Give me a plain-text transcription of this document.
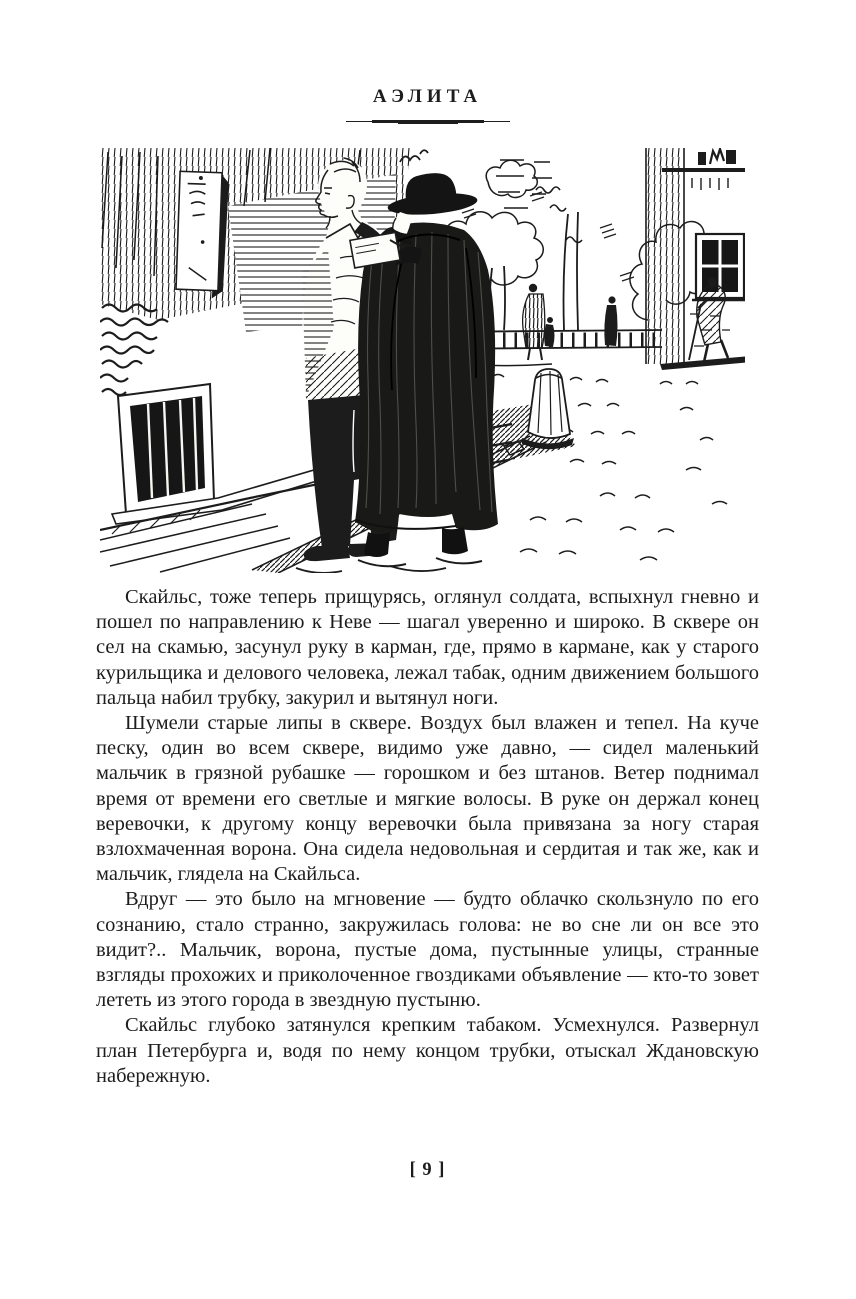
АЭЛИТА

Скайльс, тоже теперь прищурясь, оглянул солдата, вспыхнул гневно и пошел по направлению к Неве — шагал уверенно и широко. В сквере он сел на скамью, засунул руку в карман, где, прямо в кармане, как у старого курильщика и делового человека, лежал табак, одним движением большого пальца набил трубку, закурил и вытянул ноги.

Шумели старые липы в сквере. Воздух был влажен и тепел. На куче песку, один во всем сквере, видимо уже давно, — сидел маленький мальчик в грязной рубашке — горошком и без штанов. Ветер поднимал время от времени его светлые и мягкие волосы. В руке он держал конец веревочки, к другому концу веревочки была привязана за ногу старая взлохмаченная ворона. Она сидела недовольная и сердитая и так же, как и мальчик, глядела на Скайльса.

Вдруг — это было на мгновение — будто облачко скользнуло по его сознанию, стало странно, закружилась голова: не во сне ли он все это видит?.. Мальчик, ворона, пустые дома, пустынные улицы, странные взгляды прохожих и приколоченное гвоздиками объявление — кто-то зовет лететь из этого города в звездную пустыню.

Скайльс глубоко затянулся крепким табаком. Усмехнулся. Развернул план Петербурга и, водя по нему концом трубки, отыскал Ждановскую набережную.

[ 9 ]
